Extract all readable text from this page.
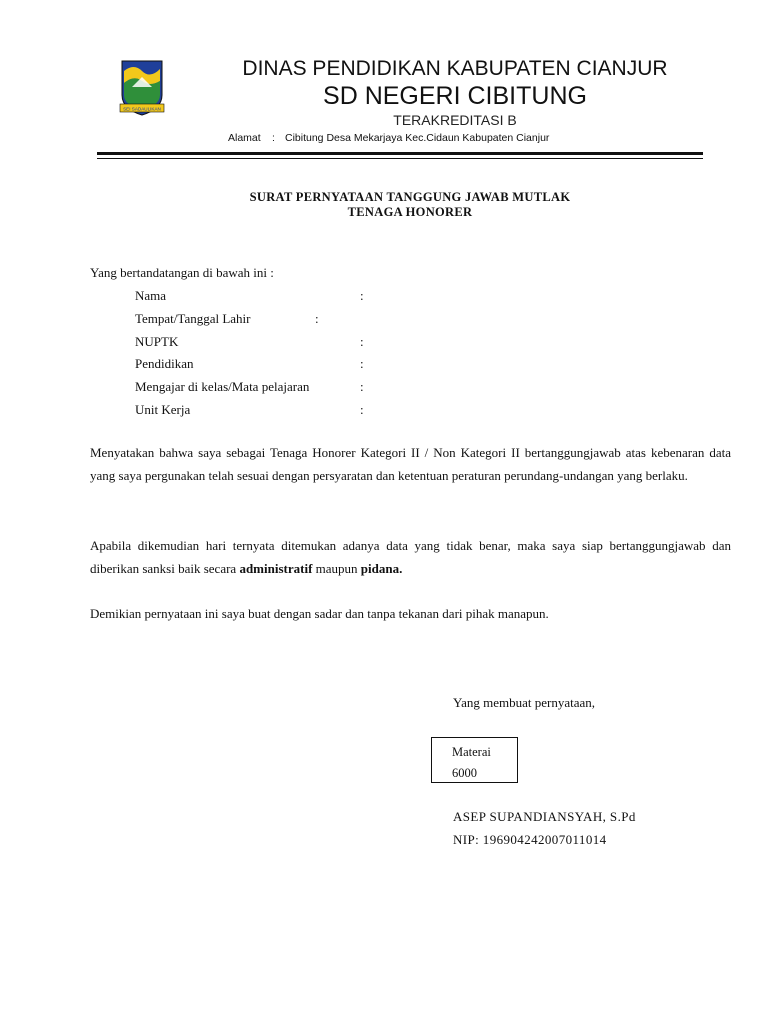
SEI SADAULIKAN
DINAS PENDIDIKAN KABUPATEN CIANJUR
SD NEGERI CIBITUNG
TERAKREDITASI B
Alamat : Cibitung Desa Mekarjaya Kec.Cidaun Kabupaten Cianjur
SURAT PERNYATAAN TANGGUNG JAWAB MUTLAK
TENAGA HONORER
Yang bertandatangan di bawah ini :
Nama	:
Tempat/Tanggal Lahir	:
NUPTK	:
Pendidikan	:
Mengajar di kelas/Mata pelajaran	:
Unit Kerja	:
Menyatakan bahwa saya sebagai Tenaga Honorer Kategori II / Non Kategori II bertanggungjawab atas kebenaran data yang saya pergunakan telah sesuai dengan persyaratan dan ketentuan peraturan perundang-undangan yang berlaku.
Apabila dikemudian hari ternyata ditemukan adanya data yang tidak benar, maka saya siap bertanggungjawab dan diberikan sanksi baik secara administratif maupun pidana.
Demikian pernyataan ini saya buat dengan sadar dan tanpa tekanan dari pihak manapun.
Yang membuat pernyataan,
Materai
6000
ASEP SUPANDIANSYAH, S.Pd
NIP: 196904242007011014
